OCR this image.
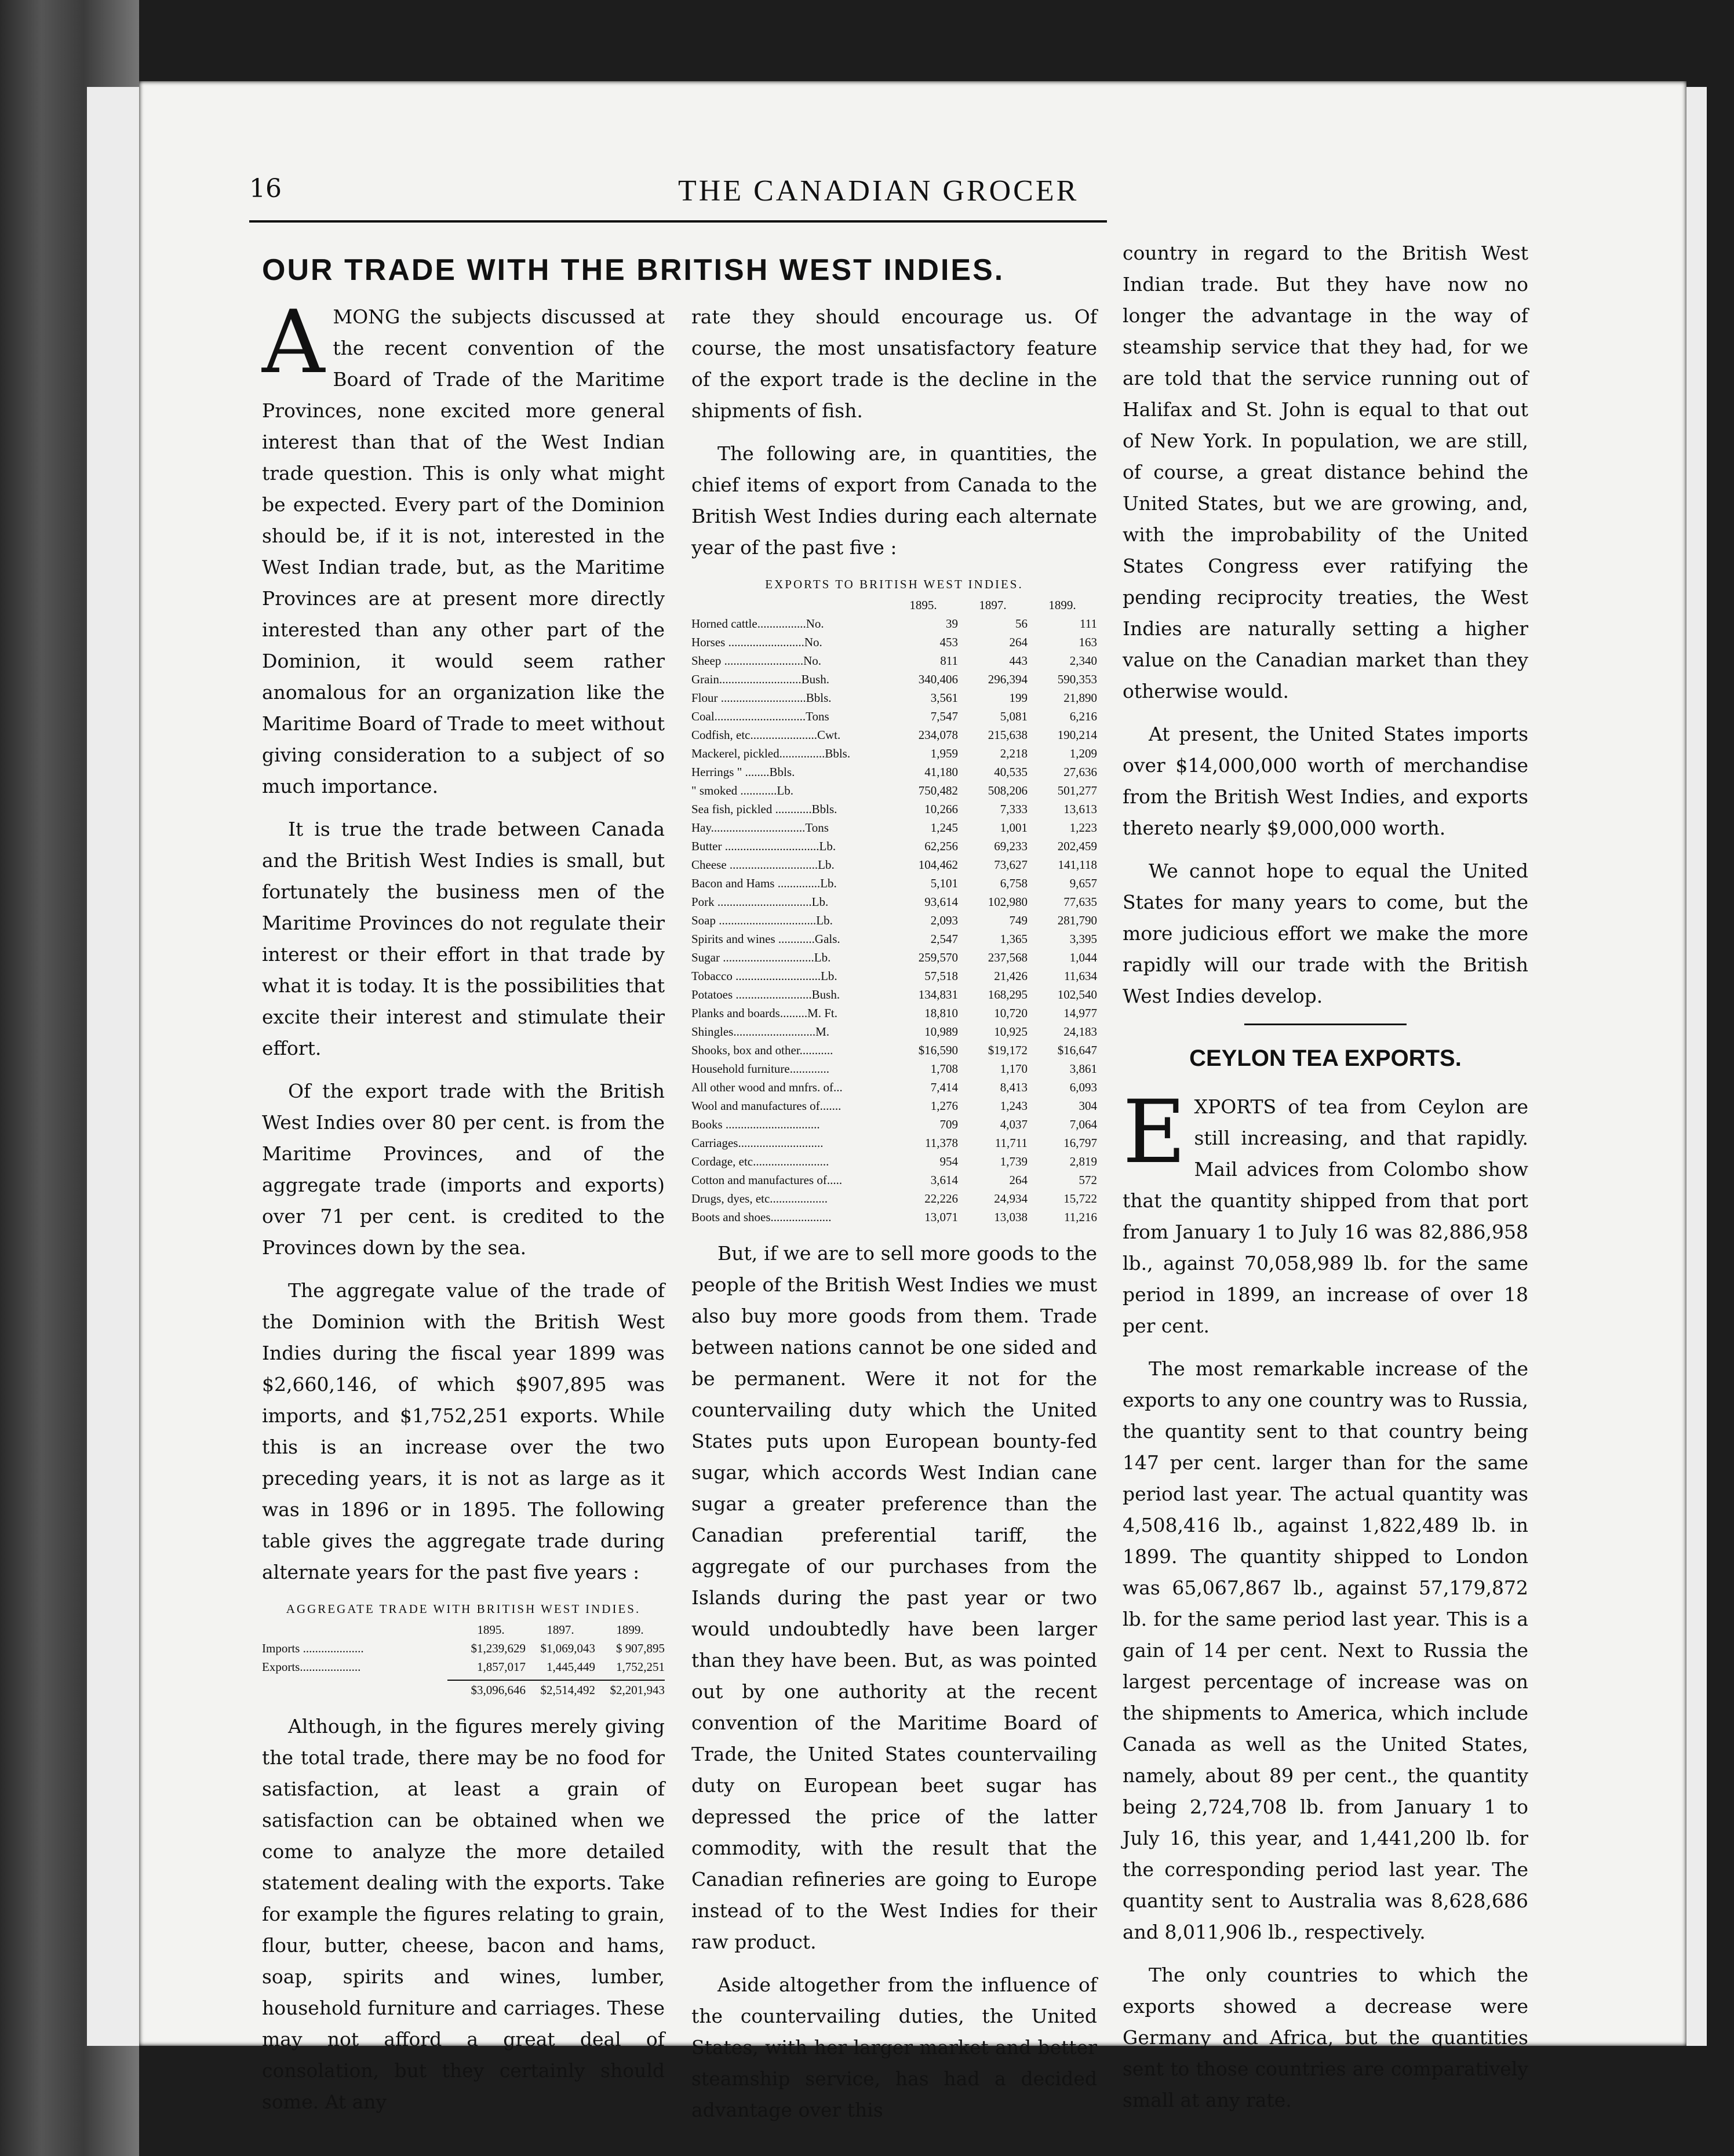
16	THE CANADIAN GROCER
OUR TRADE WITH THE BRITISH WEST INDIES.

AMONG the subjects discussed at the recent convention of the Board of Trade of the Maritime Provinces, none excited more general interest than that of the West Indian trade question. This is only what might be expected. Every part of the Dominion should be, if it is not, interested in the West Indian trade, but, as the Maritime Provinces are at present more directly interested than any other part of the Dominion, it would seem rather anomalous for an organization like the Maritime Board of Trade to meet without giving consideration to a subject of so much importance.

It is true the trade between Canada and the British West Indies is small, but fortunately the business men of the Maritime Provinces do not regulate their interest or their effort in that trade by what it is today. It is the possibilities that excite their interest and stimulate their effort.

Of the export trade with the British West Indies over 80 per cent. is from the Maritime Provinces, and of the aggregate trade (imports and exports) over 71 per cent. is credited to the Provinces down by the sea.

The aggregate value of the trade of the Dominion with the British West Indies during the fiscal year 1899 was $2,660,146, of which $907,895 was imports, and $1,752,251 exports. While this is an increase over the two preceding years, it is not as large as it was in 1896 or in 1895. The following table gives the aggregate trade during alternate years for the past five years :

AGGREGATE TRADE WITH BRITISH WEST INDIES.
1895.	1897.	1899.
Imports ....................	$1,239,629	$1,069,043	$ 907,895
Exports....................	1,857,017	1,445,449	1,752,251
$3,096,646	$2,514,492	$2,201,943

Although, in the figures merely giving the total trade, there may be no food for satisfaction, at least a grain of satisfaction can be obtained when we come to analyze the more detailed statement dealing with the exports. Take for example the figures relating to grain, flour, butter, cheese, bacon and hams, soap, spirits and wines, lumber, household furniture and carriages. These may not afford a great deal of consolation, but they certainly should some. At any

rate they should encourage us. Of course, the most unsatisfactory feature of the export trade is the decline in the shipments of fish.

The following are, in quantities, the chief items of export from Canada to the British West Indies during each alternate year of the past five :

EXPORTS TO BRITISH WEST INDIES.
1895.	1897.	1899.
Horned cattle................No.	39	56	111
Horses .........................No.	453	264	163
Sheep ..........................No.	811	443	2,340
Grain...........................Bush.	340,406	296,394	590,353
Flour ............................Bbls.	3,561	199	21,890
Coal..............................Tons	7,547	5,081	6,216
Codfish, etc......................Cwt.	234,078	215,638	190,214
Mackerel, pickled...............Bbls.	1,959	2,218	1,209
Herrings " ........Bbls.	41,180	40,535	27,636
" smoked ............Lb.	750,482	508,206	501,277
Sea fish, pickled ............Bbls.	10,266	7,333	13,613
Hay...............................Tons	1,245	1,001	1,223
Butter ...............................Lb.	62,256	69,233	202,459
Cheese .............................Lb.	104,462	73,627	141,118
Bacon and Hams ..............Lb.	5,101	6,758	9,657
Pork ...............................Lb.	93,614	102,980	77,635
Soap ................................Lb.	2,093	749	281,790
Spirits and wines ............Gals.	2,547	1,365	3,395
Sugar ..............................Lb.	259,570	237,568	1,044
Tobacco ............................Lb.	57,518	21,426	11,634
Potatoes .........................Bush.	134,831	168,295	102,540
Planks and boards.........M. Ft.	18,810	10,720	14,977
Shingles...........................M.	10,989	10,925	24,183
Shooks, box and other...........	$16,590	$19,172	$16,647
Household furniture.............	1,708	1,170	3,861
All other wood and mnfrs. of...	7,414	8,413	6,093
Wool and manufactures of.......	1,276	1,243	304
Books ...............................	709	4,037	7,064
Carriages............................	11,378	11,711	16,797
Cordage, etc.........................	954	1,739	2,819
Cotton and manufactures of.....	3,614	264	572
Drugs, dyes, etc...................	22,226	24,934	15,722
Boots and shoes....................	13,071	13,038	11,216

But, if we are to sell more goods to the people of the British West Indies we must also buy more goods from them. Trade between nations cannot be one sided and be permanent. Were it not for the countervailing duty which the United States puts upon European bounty-fed sugar, which accords West Indian cane sugar a greater preference than the Canadian preferential tariff, the aggregate of our purchases from the Islands during the past year or two would undoubtedly have been larger than they have been. But, as was pointed out by one authority at the recent convention of the Maritime Board of Trade, the United States countervailing duty on European beet sugar has depressed the price of the latter commodity, with the result that the Canadian refineries are going to Europe instead of to the West Indies for their raw product.

Aside altogether from the influence of the countervailing duties, the United States, with her larger market and better steamship service, has had a decided advantage over this

country in regard to the British West Indian trade. But they have now no longer the advantage in the way of steamship service that they had, for we are told that the service running out of Halifax and St. John is equal to that out of New York. In population, we are still, of course, a great distance behind the United States, but we are growing, and, with the improbability of the United States Congress ever ratifying the pending reciprocity treaties, the West Indies are naturally setting a higher value on the Canadian market than they otherwise would.

At present, the United States imports over $14,000,000 worth of merchandise from the British West Indies, and exports thereto nearly $9,000,000 worth.

We cannot hope to equal the United States for many years to come, but the more judicious effort we make the more rapidly will our trade with the British West Indies develop.

CEYLON TEA EXPORTS.

EXPORTS of tea from Ceylon are still increasing, and that rapidly. Mail advices from Colombo show that the quantity shipped from that port from January 1 to July 16 was 82,886,958 lb., against 70,058,989 lb. for the same period in 1899, an increase of over 18 per cent.

The most remarkable increase of the exports to any one country was to Russia, the quantity sent to that country being 147 per cent. larger than for the same period last year. The actual quantity was 4,508,416 lb., against 1,822,489 lb. in 1899. The quantity shipped to London was 65,067,867 lb., against 57,179,872 lb. for the same period last year. This is a gain of 14 per cent. Next to Russia the largest percentage of increase was on the shipments to America, which include Canada as well as the United States, namely, about 89 per cent., the quantity being 2,724,708 lb. from January 1 to July 16, this year, and 1,441,200 lb. for the corresponding period last year. The quantity sent to Australia was 8,628,686 and 8,011,906 lb., respectively.

The only countries to which the exports showed a decrease were Germany and Africa, but the quantities sent to those countries are comparatively small at any rate.
